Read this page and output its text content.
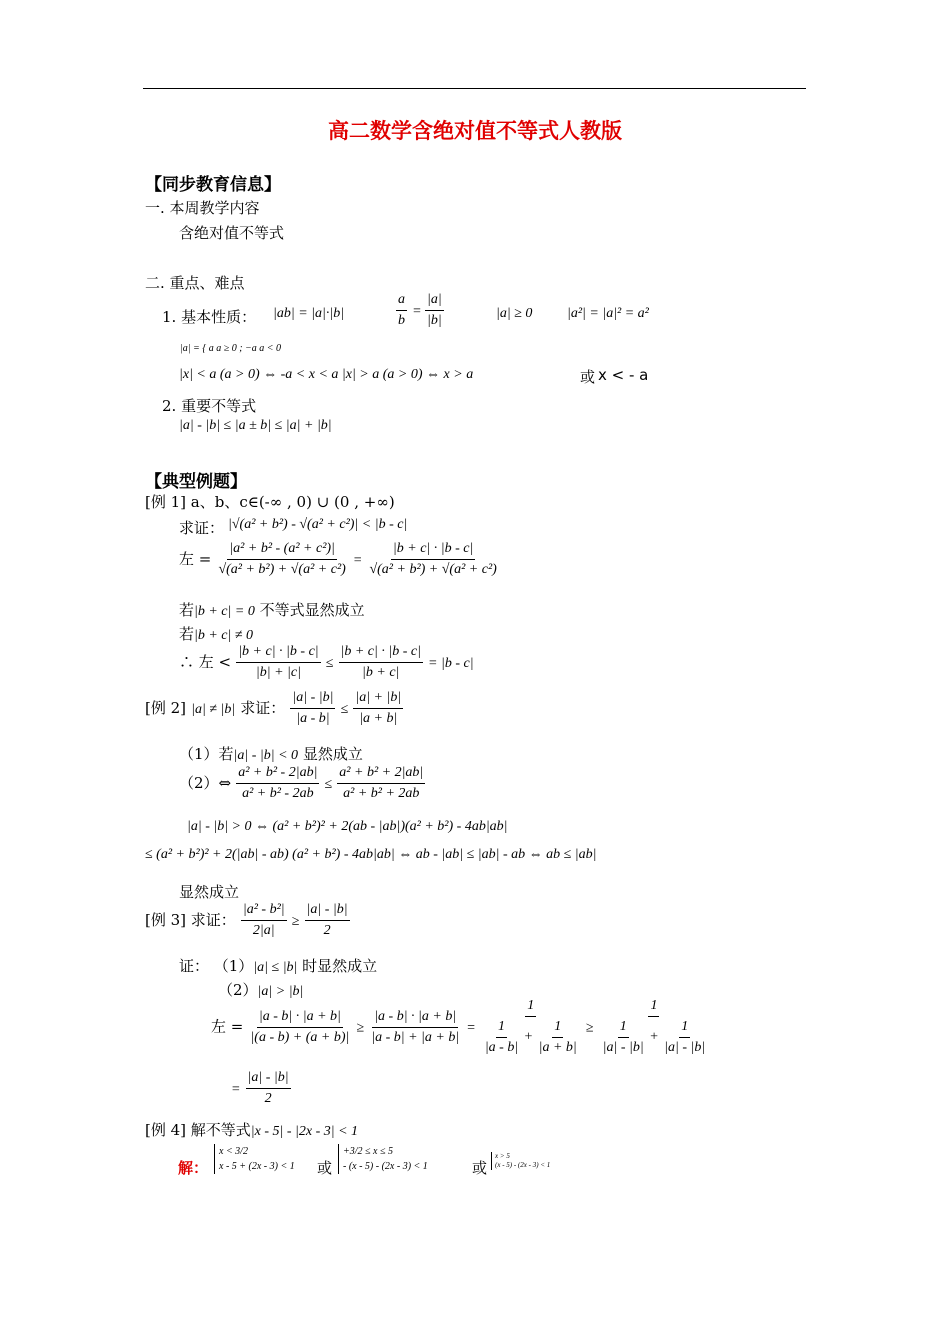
高二数学含绝对值不等式人教版
【同步教育信息】
一. 本周教学内容
含绝对值不等式
二. 重点、难点
1. 基本性质： |ab| = |a|·|b|	$\frac{a}{b} = \frac{|a|}{|b|}$	|a| ≥ 0 |a²| = |a|² = a²
|a| = { a a ≥ 0 ; −a a < 0
|x| < a (a > 0) ⇔ -a < x < a |x| > a (a > 0) ⇔ x > a	或 x < - a
2. 重要不等式
|a| - |b| ≤ |a ± b| ≤ |a| + |b|
【典型例题】
[例 1] a、b、c∈(-∞ , 0) ∪ (0 , +∞)
求证： |√(a² + b²) - √(a² + c²)| < |b - c|
左 = $\frac{\text{|a² + b² - (a² + c²)|}}{\text{√(a² + b²) + √(a² + c²)}} = \frac{|b + c| \cdot |b - c|}{\text{√(a² + b²) + √(a² + c²)}}$
若|b + c| = 0 不等式显然成立
若|b + c| ≠ 0
∴ 左 < $\frac{|b + c| \cdot |b - c|}{|b| + |c|} \le \frac{|b + c| \cdot |b - c|}{|b + c|} = |b - c|$
[例 2] |a| ≠ |b| 求证： $\frac{|a| - |b|}{|a - b|} \le \frac{|a| + |b|}{|a + b|}$
（1）若|a| - |b| < 0 显然成立
（2）⇔ $\frac{\text{a² + b² - 2|ab|}}{\text{a² + b² - 2ab}} \le \frac{\text{a² + b² + 2|ab|}}{\text{a² + b² + 2ab}}$
|a| - |b| > 0 ⇔ (a² + b²)² + 2(ab - |ab|)(a² + b²) - 4ab|ab|
≤ (a² + b²)² + 2(|ab| - ab) (a² + b²) - 4ab|ab| ⇔ ab - |ab| ≤ |ab| - ab ⇔ ab ≤ |ab|
显然成立
[例 3] 求证： $\frac{\text{|a² - b²|}}{2|a|} \ge \frac{|a| - |b|}{2}$
证： （1）|a| ≤ |b| 时显然成立
（2）|a| > |b|
左 = $\frac{|a - b| \cdot |a + b|}{|(a - b) + (a + b)|} \ge \frac{|a - b| \cdot |a + b|}{|a - b| + |a + b|} = \frac{1}{\frac{1}{|a - b|} + \frac{1}{|a + b|}} \ge \frac{1}{\frac{1}{|a| - |b|} + \frac{1}{|a| - |b|}}$
= $\frac{|a| - |b|}{2}$
[例 4] 解不等式|x - 5| - |2x - 3| < 1
解：
x < 3/2
x - 5 + (2x - 3) < 1 或
+3/2 ≤ x ≤ 5
- (x - 5) - (2x - 3) < 1	或
x > 5
(x - 5) - (2x - 3) < 1
